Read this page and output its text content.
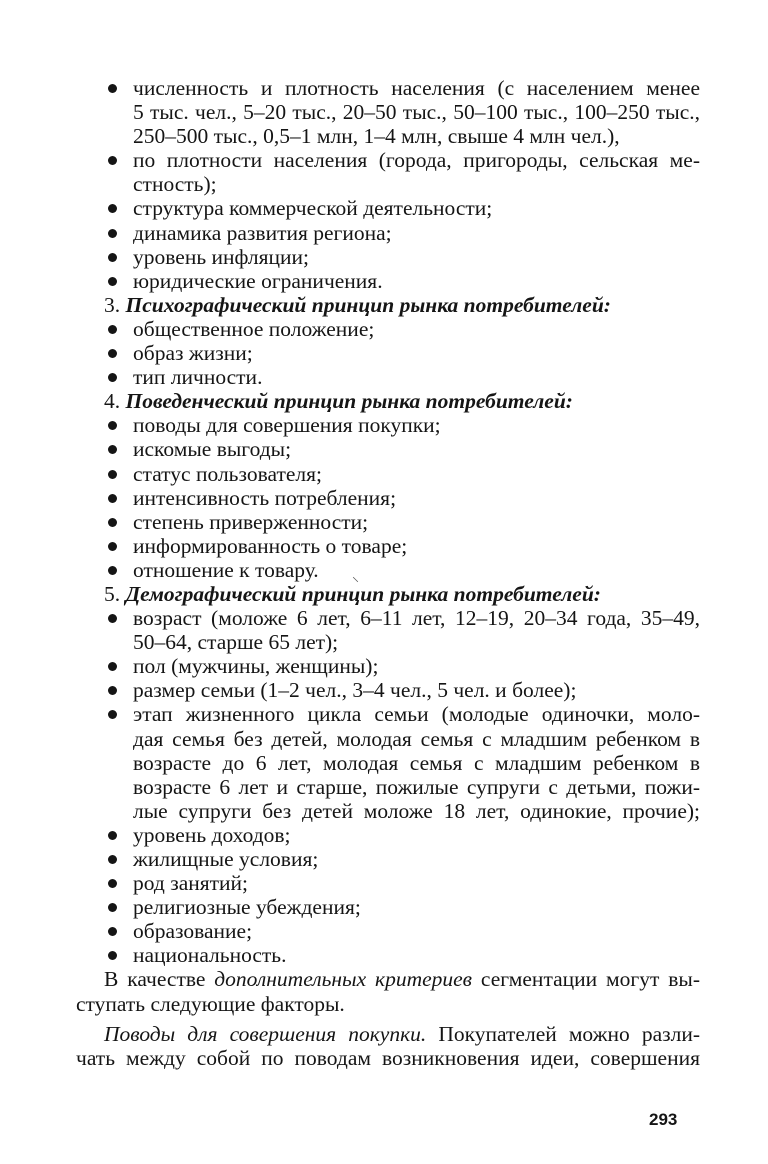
численность и плотность населения (с населением менее
5 тыс. чел., 5–20 тыс., 20–50 тыс., 50–100 тыс., 100–250 тыс.,
250–500 тыс., 0,5–1 млн, 1–4 млн, свыше 4 млн чел.),
по плотности населения (города, пригороды, сельская ме-
стность);
структура коммерческой деятельности;
динамика развития региона;
уровень инфляции;
юридические ограничения.
3. Психографический принцип рынка потребителей:
общественное положение;
образ жизни;
тип личности.
4. Поведенческий принцип рынка потребителей:
поводы для совершения покупки;
искомые выгоды;
статус пользователя;
интенсивность потребления;
степень приверженности;
информированность о товаре;
отношение к товару.
5. Демографический принцип рынка потребителей:
возраст (моложе 6 лет, 6–11 лет, 12–19, 20–34 года, 35–49,
50–64, старше 65 лет);
пол (мужчины, женщины);
размер семьи (1–2 чел., 3–4 чел., 5 чел. и более);
этап жизненного цикла семьи (молодые одиночки, моло-
дая семья без детей, молодая семья с младшим ребенком в
возрасте до 6 лет, молодая семья с младшим ребенком в
возрасте 6 лет и старше, пожилые супруги с детьми, пожи-
лые супруги без детей моложе 18 лет, одинокие, прочие);
уровень доходов;
жилищные условия;
род занятий;
религиозные убеждения;
образование;
национальность.
В качестве дополнительных критериев сегментации могут вы-
ступать следующие факторы.
Поводы для совершения покупки. Покупателей можно разли-
чать между собой по поводам возникновения идеи, совершения
293
⸜
